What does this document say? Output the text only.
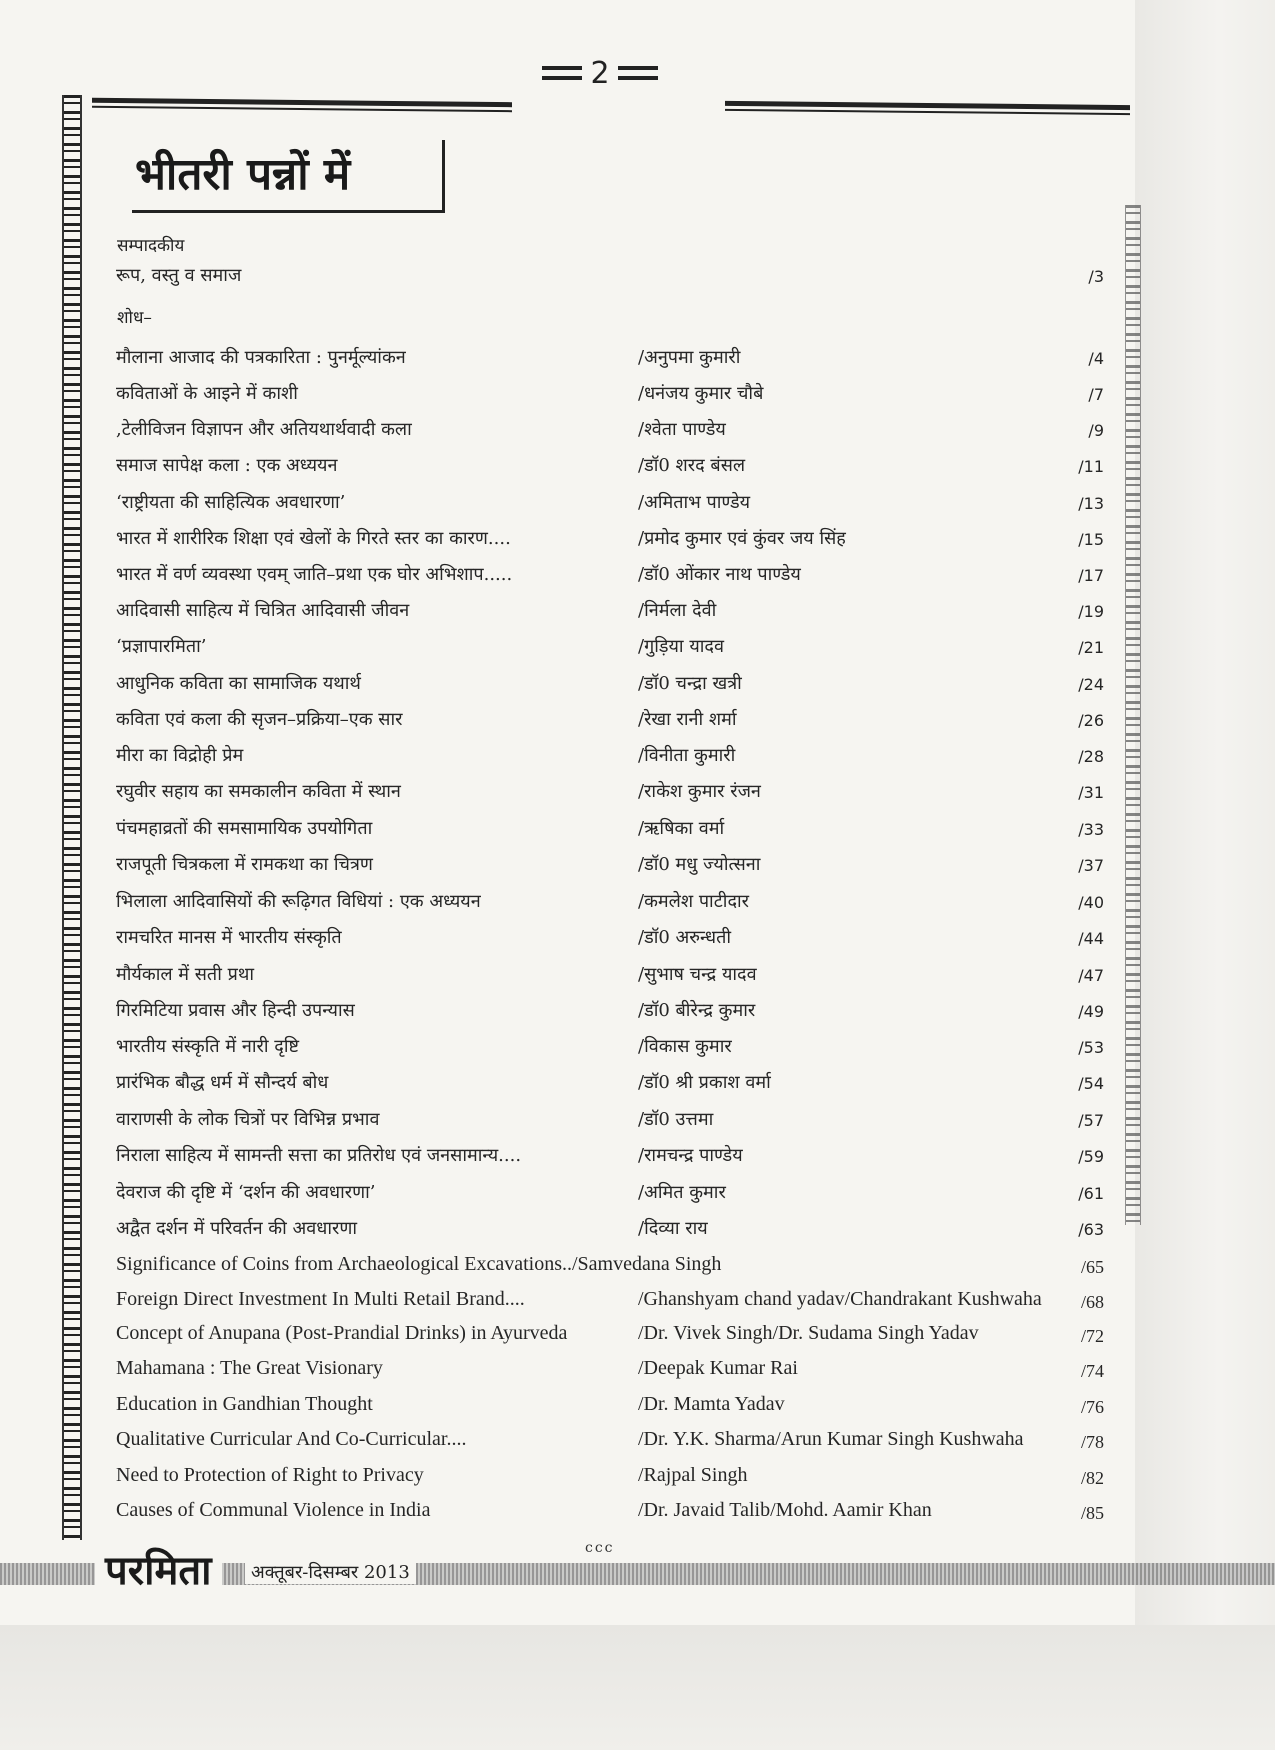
2
भीतरी पन्नों में
सम्पादकीय
शोध–
रूप, वस्तु व समाज	/3
मौलाना आजाद की पत्रकारिता : पुनर्मूल्यांकन	/अनुपमा कुमारी	/4
कविताओं के आइने में काशी	/धनंजय कुमार चौबे	/7
,टेलीविजन विज्ञापन और अतियथार्थवादी कला	/श्वेता पाण्डेय	/9
समाज सापेक्ष कला : एक अध्ययन	/डॉ0 शरद बंसल	/11
‘राष्ट्रीयता की साहित्यिक अवधारणा’	/अमिताभ पाण्डेय	/13
भारत में शारीरिक शिक्षा एवं खेलों के गिरते स्तर का कारण....	/प्रमोद कुमार एवं कुंवर जय सिंह	/15
भारत में वर्ण व्यवस्था एवम् जाति–प्रथा एक घोर अभिशाप.....	/डॉ0 ओंकार नाथ पाण्डेय	/17
आदिवासी साहित्य में चित्रित आदिवासी जीवन	/निर्मला देवी	/19
‘प्रज्ञापारमिता’	/गुड़िया यादव	/21
आधुनिक कविता का सामाजिक यथार्थ	/डॉ0 चन्द्रा खत्री	/24
कविता एवं कला की सृजन–प्रक्रिया–एक सार	/रेखा रानी शर्मा	/26
मीरा का विद्रोही प्रेम	/विनीता कुमारी	/28
रघुवीर सहाय का समकालीन कविता में स्थान	/राकेश कुमार रंजन	/31
पंचमहाव्रतों की समसामायिक उपयोगिता	/ऋषिका वर्मा	/33
राजपूती चित्रकला में रामकथा का चित्रण	/डॉ0 मधु ज्योत्सना	/37
भिलाला आदिवासियों की रूढ़िगत विधियां : एक अध्ययन	/कमलेश पाटीदार	/40
रामचरित मानस में भारतीय संस्कृति	/डॉ0 अरुन्धती	/44
मौर्यकाल में सती प्रथा	/सुभाष चन्द्र यादव	/47
गिरमिटिया प्रवास और हिन्दी उपन्यास	/डॉ0 बीरेन्द्र कुमार	/49
भारतीय संस्कृति में नारी दृष्टि	/विकास कुमार	/53
प्रारंभिक बौद्ध धर्म में सौन्दर्य बोध	/डॉ0 श्री प्रकाश वर्मा	/54
वाराणसी के लोक चित्रों पर विभिन्न प्रभाव	/डॉ0 उत्तमा	/57
निराला साहित्य में सामन्ती सत्ता का प्रतिरोध एवं जनसामान्य....	/रामचन्द्र पाण्डेय	/59
देवराज की दृष्टि में ‘दर्शन की अवधारणा’	/अमित कुमार	/61
अद्वैत दर्शन में परिवर्तन की अवधारणा	/दिव्या राय	/63
Significance of Coins from Archaeological Excavations../Samvedana Singh	/65
Foreign Direct Investment In Multi Retail Brand....	/Ghanshyam chand yadav/Chandrakant Kushwaha /68
Concept of Anupana (Post-Prandial Drinks) in Ayurveda	/Dr. Vivek Singh/Dr. Sudama Singh Yadav	/72
Mahamana : The Great Visionary	/Deepak Kumar Rai	/74
Education in Gandhian Thought	/Dr. Mamta Yadav	/76
Qualitative Curricular And Co-Curricular....	/Dr. Y.K. Sharma/Arun Kumar Singh Kushwaha	/78
Need to Protection of Right to Privacy	/Rajpal Singh	/82
Causes of Communal Violence in India	/Dr. Javaid Talib/Mohd. Aamir Khan	/85
ccc
परमिता	अक्तूबर-दिसम्बर 2013
